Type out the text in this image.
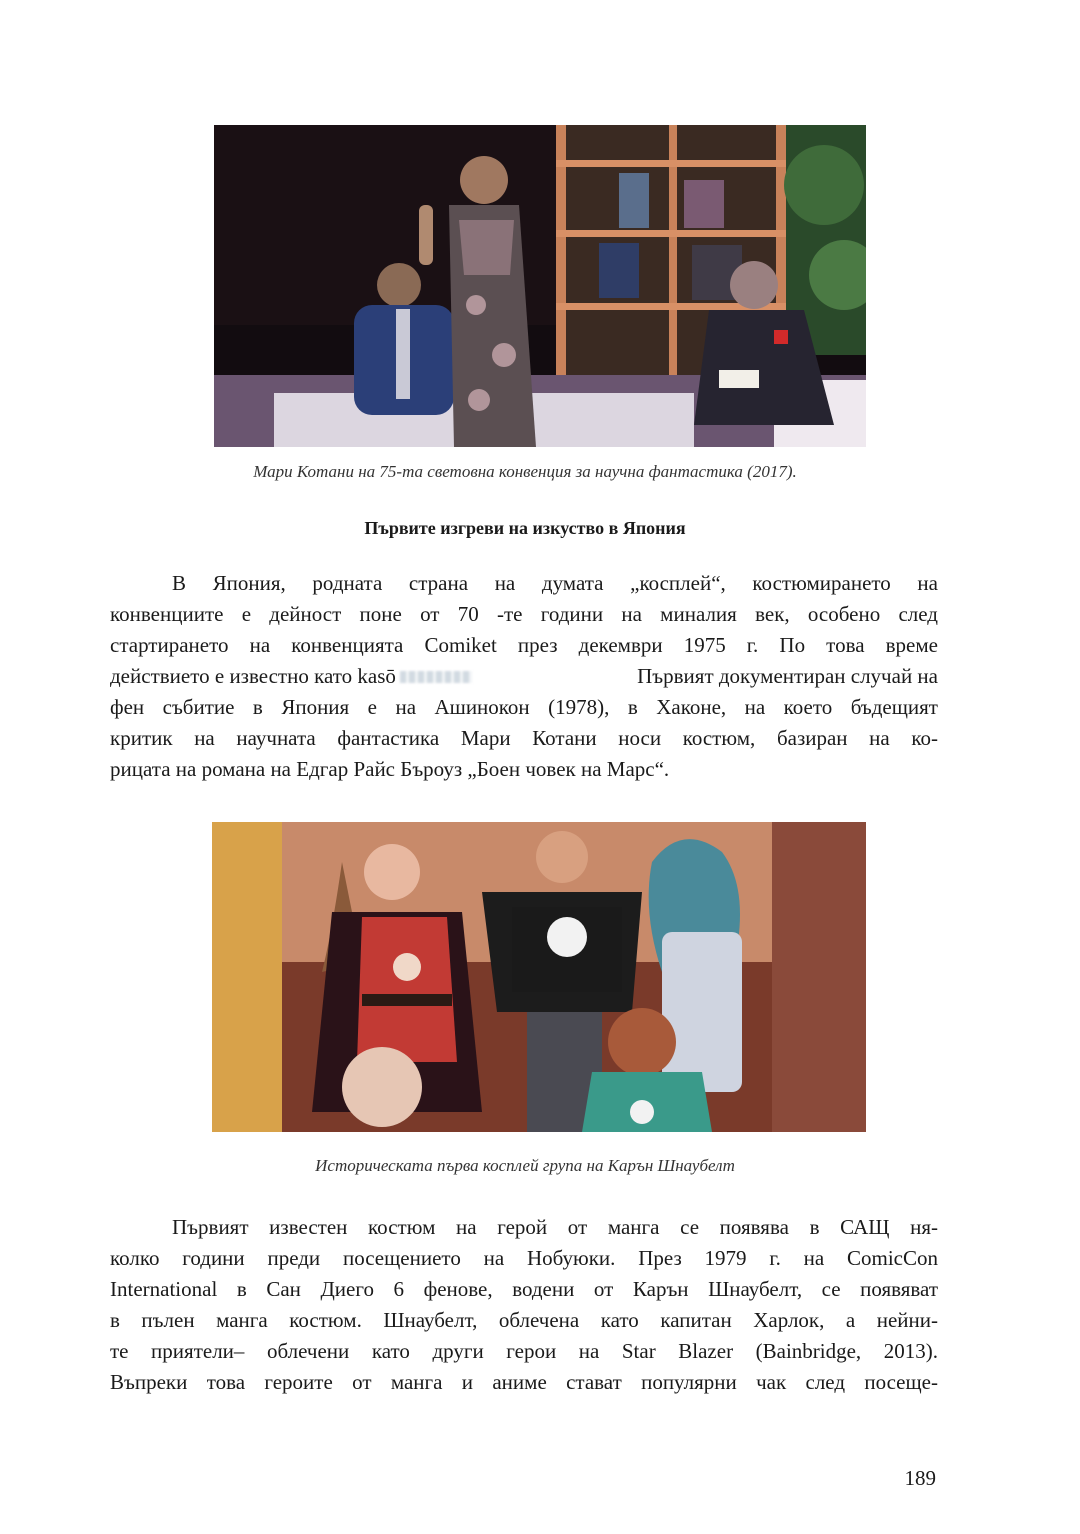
Мари Котани на 75-та световна конвенция за научна фантастика (2017).
Първите изгреви на изкуство в Япония
В Япония, родната страна на думата „косплей“, костюмирането на
конвенциите е дейност поне от 70 -те години на миналия век, особено след
стартирането на конвенцията Comiket през декември 1975 г. По това време
действието е известно като kasō	Първият документиран случай на
фен събитие в Япония е на Ашинокон (1978), в Хаконе, на което бъдещият
критик на научната фантастика Мари Котани носи костюм, базиран на ко-
рицата на романа на Едгар Райс Бъроуз „Боен човек на Марс“.
Историческата първа косплей група на Карън Шнаубелт
Първият известен костюм на герой от манга се появява в САЩ ня-
колко години преди посещението на Нобуюки. През 1979 г. на ComicCon
International в Сан Диего 6 фенове, водени от Карън Шнаубелт, се появяват
в пълен манга костюм. Шнаубелт, облечена като капитан Харлок, а нейни-
те приятели– облечени като други герои на Star Blazer (Bainbridge, 2013).
Въпреки това героите от манга и аниме стават популярни чак след посеще-
189
